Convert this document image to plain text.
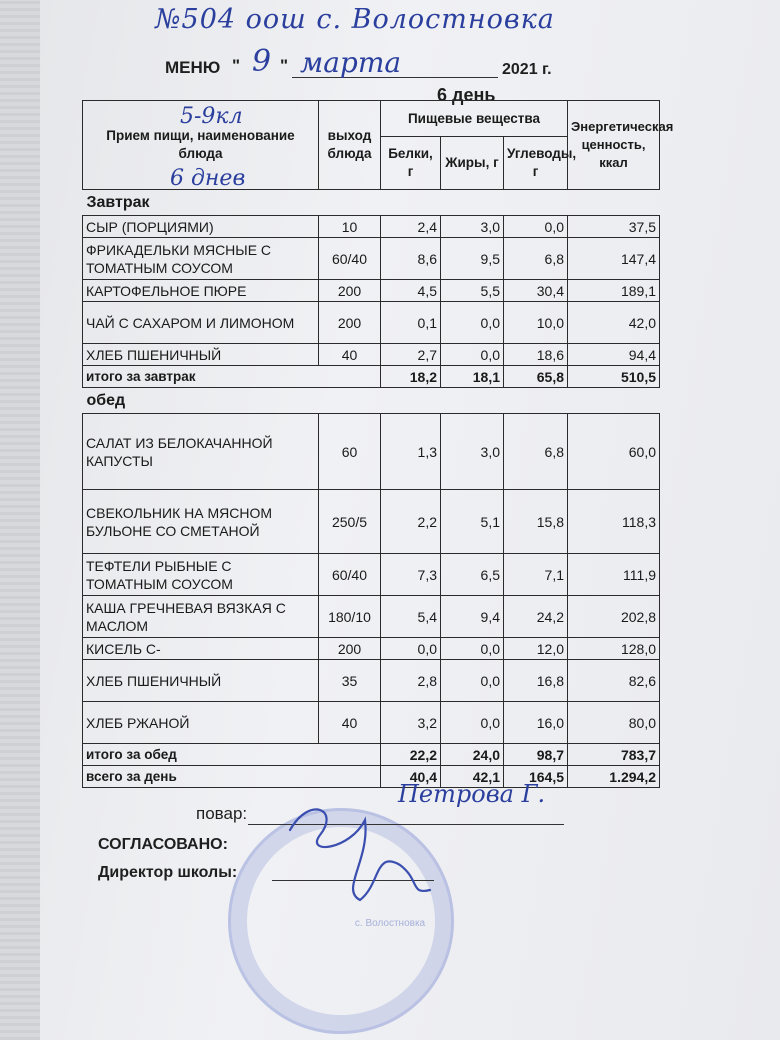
№504 оош с. Волостновка
МЕНЮ " 9 " марта	2021 г.
6 день
Прием пищи, наименование блюда	выход блюда	Пищевые вещества			Энергетическая ценность, ккал
		Белки, г	Жиры, г	Углеводы, г	
Завтрак					
СЫР (ПОРЦИЯМИ)	10	2,4	3,0	0,0	37,5
ФРИКАДЕЛЬКИ МЯСНЫЕ С ТОМАТНЫМ СОУСОМ	60/40	8,6	9,5	6,8	147,4
КАРТОФЕЛЬНОЕ ПЮРЕ	200	4,5	5,5	30,4	189,1
ЧАЙ С САХАРОМ И ЛИМОНОМ	200	0,1	0,0	10,0	42,0
ХЛЕБ ПШЕНИЧНЫЙ	40	2,7	0,0	18,6	94,4
итого за завтрак		18,2	18,1	65,8	510,5
обед					
САЛАТ ИЗ БЕЛОКАЧАННОЙ КАПУСТЫ	60	1,3	3,0	6,8	60,0
СВЕКОЛЬНИК НА МЯСНОМ БУЛЬОНЕ СО СМЕТАНОЙ	250/5	2,2	5,1	15,8	118,3
ТЕФТЕЛИ РЫБНЫЕ С ТОМАТНЫМ СОУСОМ	60/40	7,3	6,5	7,1	111,9
КАША ГРЕЧНЕВАЯ ВЯЗКАЯ С МАСЛОМ	180/10	5,4	9,4	24,2	202,8
КИСЕЛЬ С-	200	0,0	0,0	12,0	128,0
ХЛЕБ ПШЕНИЧНЫЙ	35	2,8	0,0	16,8	82,6
ХЛЕБ РЖАНОЙ	40	3,2	0,0	16,0	80,0
итого за обед		22,2	24,0	98,7	783,7
всего за день		40,4	42,1	164,5	1.294,2
5-9кл
6 днев
с. Волостновка
повар:
Петрова Г.
СОГЛАСОВАНО:
Директор школы:
